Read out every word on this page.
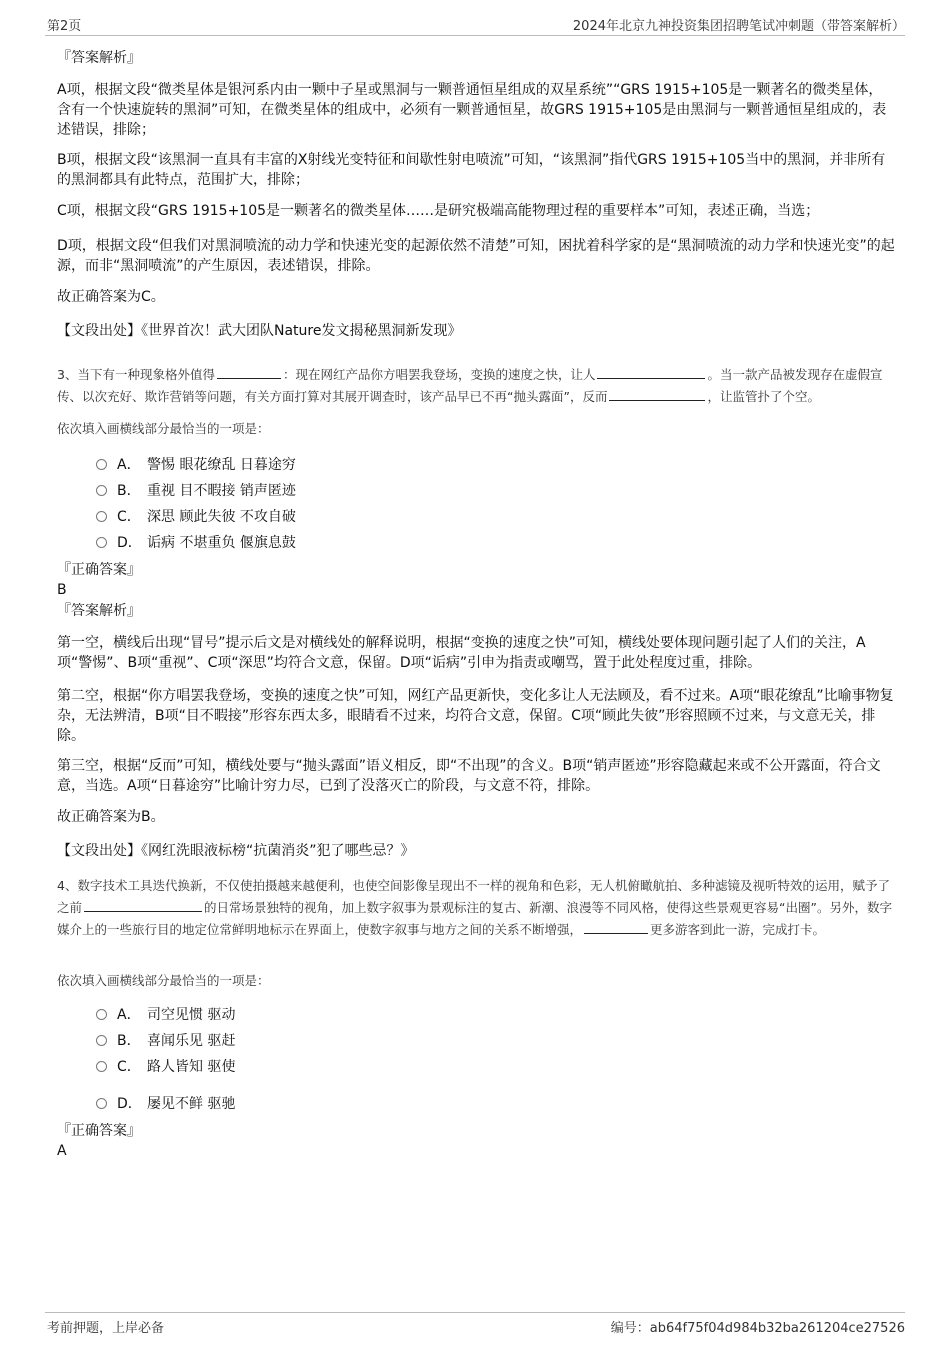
第2页	2024年北京九神投资集团招聘笔试冲刺题（带答案解析）
『答案解析』
A项，根据文段“微类星体是银河系内由一颗中子星或黑洞与一颗普通恒星组成的双星系统”“GRS 1915+105是一颗著名的微类星体，含有一个快速旋转的黑洞”可知，在微类星体的组成中，必须有一颗普通恒星，故GRS 1915+105是由黑洞与一颗普通恒星组成的，表述错误，排除；
B项，根据文段“该黑洞一直具有丰富的X射线光变特征和间歇性射电喷流”可知，“该黑洞”指代GRS 1915+105当中的黑洞，并非所有的黑洞都具有此特点，范围扩大，排除；
C项，根据文段“GRS 1915+105是一颗著名的微类星体……是研究极端高能物理过程的重要样本”可知，表述正确，当选；
D项，根据文段“但我们对黑洞喷流的动力学和快速光变的起源依然不清楚”可知，困扰着科学家的是“黑洞喷流的动力学和快速光变”的起源，而非“黑洞喷流”的产生原因，表述错误，排除。
故正确答案为C。
【文段出处】《世界首次！武大团队Nature发文揭秘黑洞新发现》
3、当下有一种现象格外值得	：现在网红产品你方唱罢我登场，变换的速度之快，让人	。当一款产品被发现存在虚假宣传、以次充好、欺诈营销等问题，有关方面打算对其展开调查时，该产品早已不再“抛头露面”，反而	，让监管扑了个空。
依次填入画横线部分最恰当的一项是：
A． 警惕 眼花缭乱 日暮途穷
B． 重视 目不暇接 销声匿迹
C． 深思 顾此失彼 不攻自破
D． 诟病 不堪重负 偃旗息鼓
『正确答案』
B
『答案解析』
第一空，横线后出现“冒号”提示后文是对横线处的解释说明，根据“变换的速度之快”可知，横线处要体现问题引起了人们的关注，A项“警惕”、B项“重视”、C项“深思”均符合文意，保留。D项“诟病”引申为指责或嘲骂，置于此处程度过重，排除。
第二空，根据“你方唱罢我登场，变换的速度之快”可知，网红产品更新快，变化多让人无法顾及，看不过来。A项“眼花缭乱”比喻事物复杂，无法辨清，B项“目不暇接”形容东西太多，眼睛看不过来，均符合文意，保留。C项“顾此失彼”形容照顾不过来，与文意无关，排除。
第三空，根据“反而”可知，横线处要与“抛头露面”语义相反，即“不出现”的含义。B项“销声匿迹”形容隐藏起来或不公开露面，符合文意，当选。A项“日暮途穷”比喻计穷力尽，已到了没落灭亡的阶段，与文意不符，排除。
故正确答案为B。
【文段出处】《网红洗眼液标榜“抗菌消炎”犯了哪些忌？》
4、数字技术工具迭代换新，不仅使拍摄越来越便利，也使空间影像呈现出不一样的视角和色彩，无人机俯瞰航拍、多种滤镜及视听特效的运用，赋予了之前	的日常场景独特的视角，加上数字叙事为景观标注的复古、新潮、浪漫等不同风格，使得这些景观更容易“出圈”。另外，数字媒介上的一些旅行目的地定位常鲜明地标示在界面上，使数字叙事与地方之间的关系不断增强，	更多游客到此一游，完成打卡。
依次填入画横线部分最恰当的一项是：
A． 司空见惯 驱动
B． 喜闻乐见 驱赶
C． 路人皆知 驱使
D． 屡见不鲜 驱驰
『正确答案』
A
考前押题，上岸必备	编号：ab64f75f04d984b32ba261204ce27526
